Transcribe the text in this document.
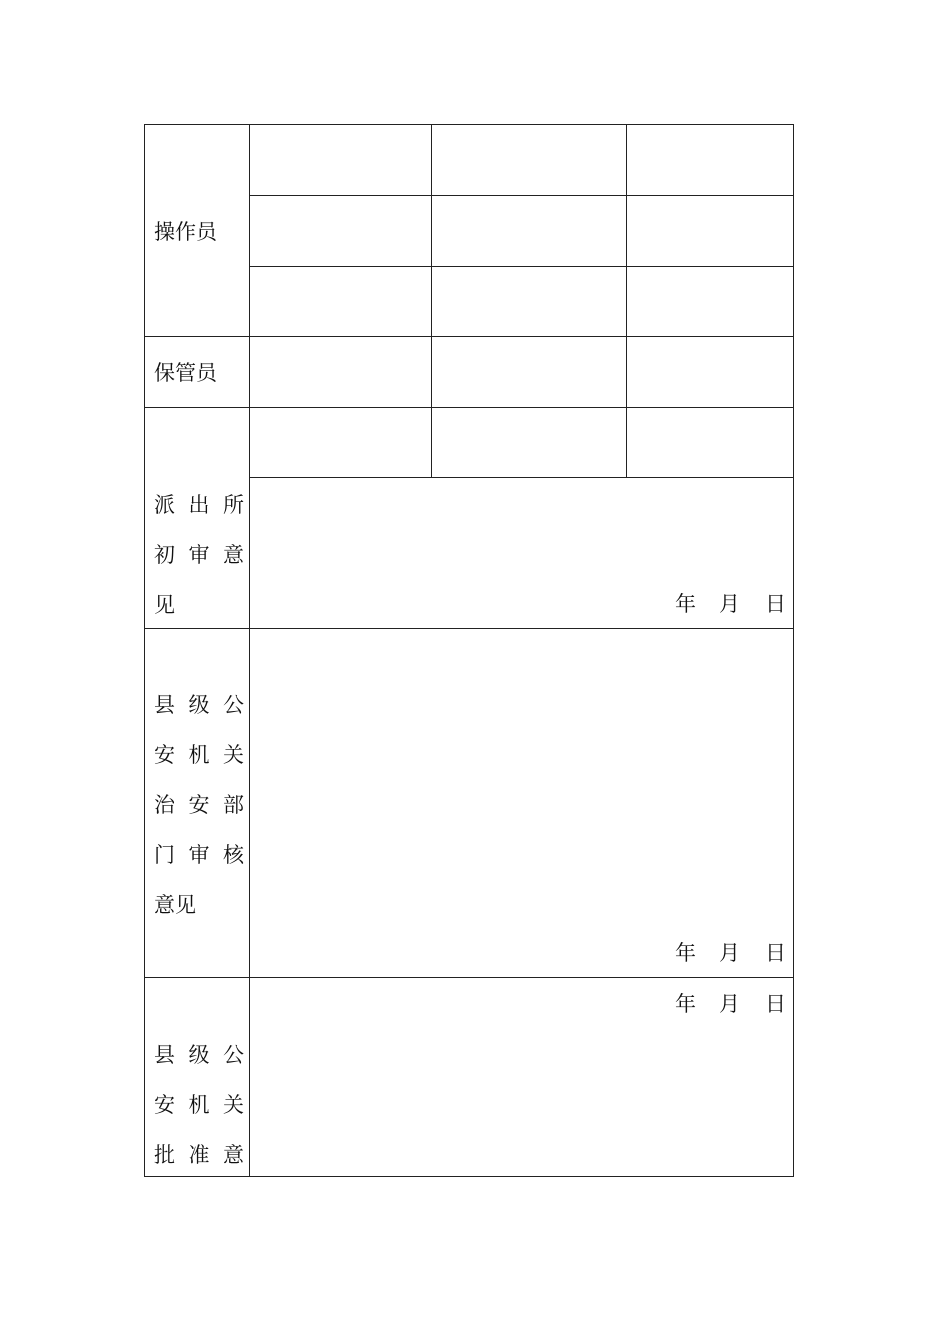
操作员
保管员
派出所
初审意
见
县级公
安机关
治安部
门审核
意见
县级公
安机关
批准意
年 月 日
年 月 日
年 月 日
